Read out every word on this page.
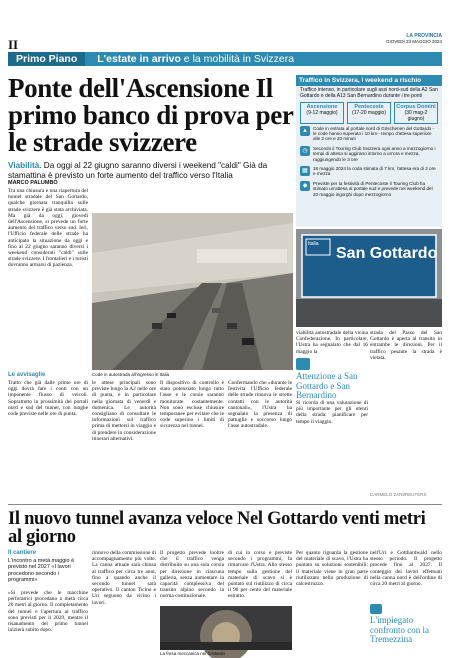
II
LA PROVINCIA
GIOVEDÌ 23 MAGGIO 2024
Primo Piano L'estate in arrivo e la mobilità in Svizzera
Ponte dell'Ascensione Il primo banco di prova per le strade svizzere
Viabilità. Da oggi al 22 giugno saranno diversi i weekend "caldi" Già da stamattina è previsto un forte aumento del traffico verso l'Italia
Traffico in Svizzera, i weekend a rischio
Traffico intenso, in particolare sugli assi nord-sud della A2 San Gottardo e della A13 San Bernardino durante i tre ponti
Ascensione
(9-12 maggio)
Pentecoste
(17-20 maggio)
Corpus Domini
(30 mag-2 giugno)
▲	Code in entrata al portale nord di Göschenen del Gottardo - le code hanno superato i 10 km - tempo d'attesa superiore alle 2 ore e 20 minuti
◷	Secondo il Touring Club Svizzera ogni anno a mezzogiorno i tempi di attesa si aggirano intorno a un'ora e mezza, raggiungendo le 3 ore
▦	18 maggio 2024 la coda stimata di 7 km, l'attesa era di 2 ore e mezza
◆	Previste per la festività di Pentecoste il Touring Club ha stimato un'attesa al portale sud e prevede nel weekend del 20 maggio ingorghi dopo mezzogiorno
San Gottardo
Italia
Code in autostrada all'ingresso in Italia
MARCO PALUMBO
Tra una chiusura e una riapertura del tunnel stradale del San Gottardo, qualche giornata tranquilla sulle strade svizzere è già stata archiviata. Ma già da oggi, giovedì dell'Ascensione, si prevede un forte aumento del traffico verso sud. Ieri, l'Ufficio federale delle strade ha anticipato la situazione da oggi e fino al 22 giugno saranno diversi i weekend considerati "caldi" sulle strade svizzere. I frontalieri e i turisti dovranno armarsi di pazienza.
Le avvisaglie
Tratto che già dalle prime ore di oggi dovrà fare i conti con un imponente flusso di veicoli. Soprattutto in prossimità dei portali nord e sud del tunnel, con lunghe code previste nelle ore di punta.
le attese principali sono previste lungo la A2 nelle ore di punta, e in particolare nella giornata di venerdì e domenica. Le autorità consigliano di consultare le informazioni sul traffico prima di mettersi in viaggio e di prendere in considerazione itinerari alternativi.
Il dispositivo di controllo è stato potenziato lungo tutto l'asse e le corsie saranno monitorate costantemente. Non sono escluse chiusure temporanee per evitare che le code superino i limiti di sicurezza nel tunnel.
Confermando che «durante le festività l'Ufficio federale delle strade rinnova le strette contatti con le autorità cantonali», l'Ustra ha segnalato la presenza di pattuglie e soccorso lungo l'asse autostradale.
viabilità autostradale della vicina Confederazione. In particolare, l'Ustra ha segnalato che dal 16 maggio la
strada del Passo del San Gottardo è aperta al transito in entrambe le direzioni. Per il traffico pesante la strada è vietata.
Attenzione a San Gottardo e San Bernardino
Si ricorda di una valutazione di più importante per gli utenti della strada: pianificare per tempo il viaggio.
CARMELO ZANI/REUTERS
Il nuovo tunnel avanza veloce Nel Gottardo venti metri al giorno
Il cantiere
L'incontro a metà maggio è previsto nel 2027 «I lavori procedono secondo i programmi»
«Si prevede che le macchine perforatrici procedano a metà circa 20 metri al giorno. Il completamento del tunnel e l'apertura al traffico sono previsti per il 2029, mentre il risanamento del primo tunnel inizierà subito dopo.
rinnovo della commissione di accompagnamento più volte. La canna attuale sarà chiusa al traffico per circa tre anni, fino a quando anche il secondo tunnel sarà operativo. Il canton Ticino e Uri seguono da vicino i lavori.
Il progetto prevede inoltre che il traffico venga distribuito su una sola corsia per direzione in ciascuna galleria, senza aumentare la capacità complessiva del transito alpino secondo la norma costituzionale.
La fresa meccanica nel Gottardo
di cui in corso e previste secondo i programmi, fa rimarcare l'Ustra. Allo stesso tempo sulla gestione del materiale di scavo si è puntato sul riutilizzo di circa il 90 per cento del materiale estratto.
Per quanto riguarda la gestione del materiale di scavo, l'Ustra ha puntato su soluzioni sostenibili: il materiale viene in gran parte riutilizzato nella produzione di calcestruzzo.
nell'Uri e Gotthardwald nello stesso periodo. Il progetto procede fino al 2027. Il conteggio dei lavori effettuati nella canna nord è dell'ordine di circa 20 metri al giorno.
L'impiegato confronto con la Tremezzina
